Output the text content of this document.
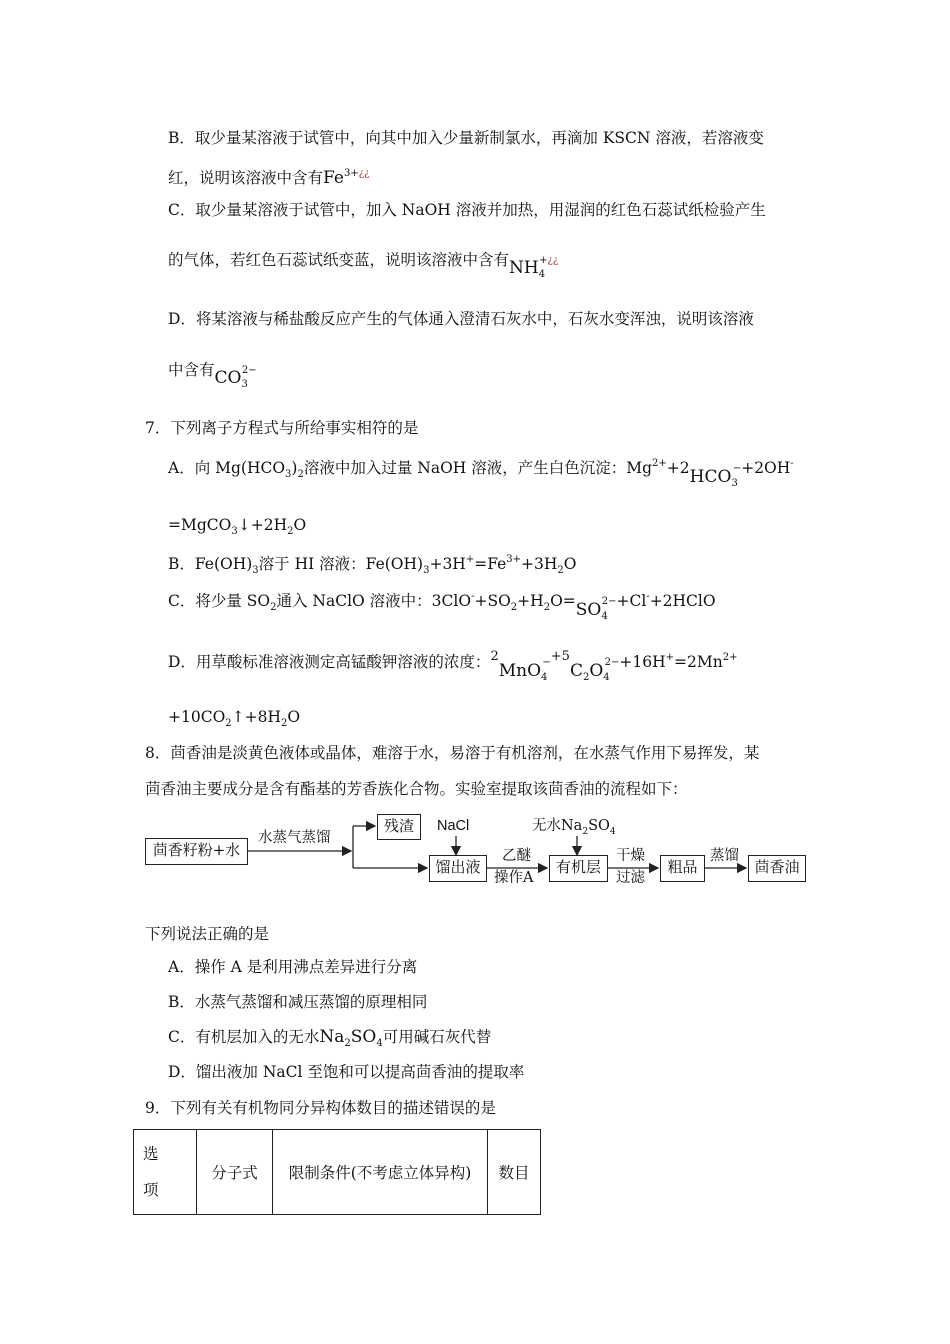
B．取少量某溶液于试管中，向其中加入少量新制氯水，再滴加 KSCN 溶液，若溶液变
红，说明该溶液中含有$Fe^{3+¿¿}$
C．取少量某溶液于试管中，加入 NaOH 溶液并加热，用湿润的红色石蕊试纸检验产生
的气体，若红色石蕊试纸变蓝，说明该溶液中含有$NH_4^+¿¿$
D．将某溶液与稀盐酸反应产生的气体通入澄清石灰水中，石灰水变浑浊，说明该溶液
中含有$CO_3^{2-}$
7．下列离子方程式与所给事实相符的是
A．向 $Mg(HCO_3)_2$溶液中加入过量 NaOH 溶液，产生白色沉淀：$Mg^{2+}+2HCO_3^-+2OH^-$
$=MgCO_3↓+2H_2O$
B．$Fe(OH)_3$溶于 HI 溶液：$Fe(OH)_3+3H^+=Fe^{3+}+3H_2O$
C．将少量 $SO_2$通入 NaClO 溶液中：$3ClO^-+SO_2+H_2O=SO_4^{2-}+Cl^-+2HClO$
D．用草酸标准溶液测定高锰酸钾溶液的浓度：$^2MnO_4^{-+5}C_2O_4^{2-}+16H^+=2Mn^{2+}$
$+10CO_2↑+8H_2O$
8．茴香油是淡黄色液体或晶体，难溶于水，易溶于有机溶剂，在水蒸气作用下易挥发，某
茴香油主要成分是含有酯基的芳香族化合物。实验室提取该茴香油的流程如下：
茴香籽粉+水
水蒸气蒸馏
残渣	NaCl
馏出液
乙醚
操作A
无水$Na_2SO_4$
有机层
干燥
过滤
粗品
蒸馏
茴香油
下列说法正确的是
A．操作 A 是利用沸点差异进行分离
B．水蒸气蒸馏和减压蒸馏的原理相同
C．有机层加入的无水$Na_2SO_4$可用碱石灰代替
D．馏出液加 NaCl 至饱和可以提高茴香油的提取率
9．下列有关有机物同分异构体数目的描述错误的是
选
项	分子式	限制条件(不考虑立体异构)	数目
